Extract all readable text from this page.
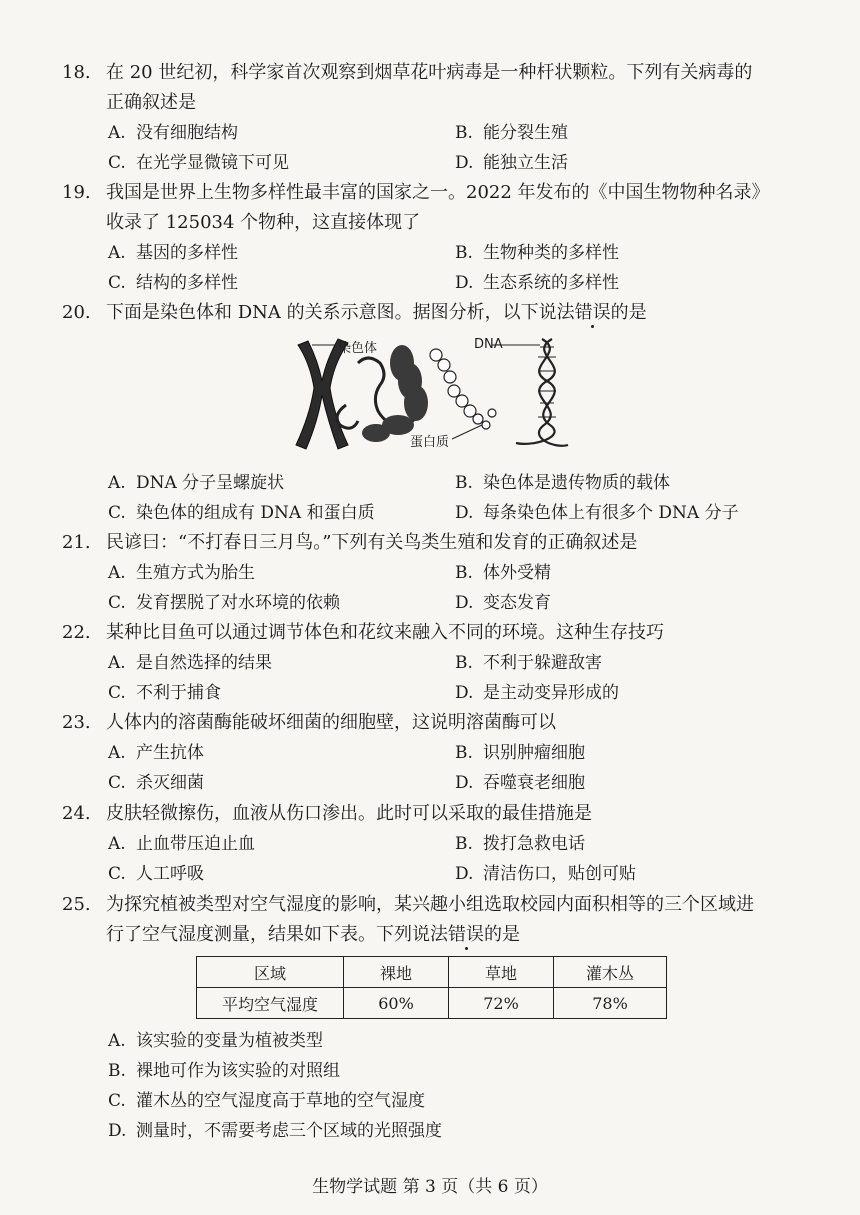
18. 在 20 世纪初，科学家首次观察到烟草花叶病毒是一种杆状颗粒。下列有关病毒的
正确叙述是
A. 没有细胞结构	B. 能分裂生殖
C. 在光学显微镜下可见	D. 能独立生活
19. 我国是世界上生物多样性最丰富的国家之一。2022 年发布的《中国生物物种名录》
收录了 125034 个物种，这直接体现了
A. 基因的多样性	B. 生物种类的多样性
C. 结构的多样性	D. 生态系统的多样性
20. 下面是染色体和 DNA 的关系示意图。据图分析，以下说法错误的是
染色体	DNA
蛋白质
A. DNA 分子呈螺旋状	B. 染色体是遗传物质的载体
C. 染色体的组成有 DNA 和蛋白质	D. 每条染色体上有很多个 DNA 分子
21. 民谚曰：“不打春日三月鸟。”下列有关鸟类生殖和发育的正确叙述是
A. 生殖方式为胎生	B. 体外受精
C. 发育摆脱了对水环境的依赖	D. 变态发育
22. 某种比目鱼可以通过调节体色和花纹来融入不同的环境。这种生存技巧
A. 是自然选择的结果	B. 不利于躲避敌害
C. 不利于捕食	D. 是主动变异形成的
23. 人体内的溶菌酶能破坏细菌的细胞壁，这说明溶菌酶可以
A. 产生抗体	B. 识别肿瘤细胞
C. 杀灭细菌	D. 吞噬衰老细胞
24. 皮肤轻微擦伤，血液从伤口渗出。此时可以采取的最佳措施是
A. 止血带压迫止血	B. 拨打急救电话
C. 人工呼吸	D. 清洁伤口，贴创可贴
25. 为探究植被类型对空气湿度的影响，某兴趣小组选取校园内面积相等的三个区域进
行了空气湿度测量，结果如下表。下列说法错误的是
区域	裸地	草地	灌木丛
平均空气湿度	60%	72%	78%
A. 该实验的变量为植被类型
B. 裸地可作为该实验的对照组
C. 灌木丛的空气湿度高于草地的空气湿度
D. 测量时，不需要考虑三个区域的光照强度
生物学试题 第 3 页（共 6 页）
